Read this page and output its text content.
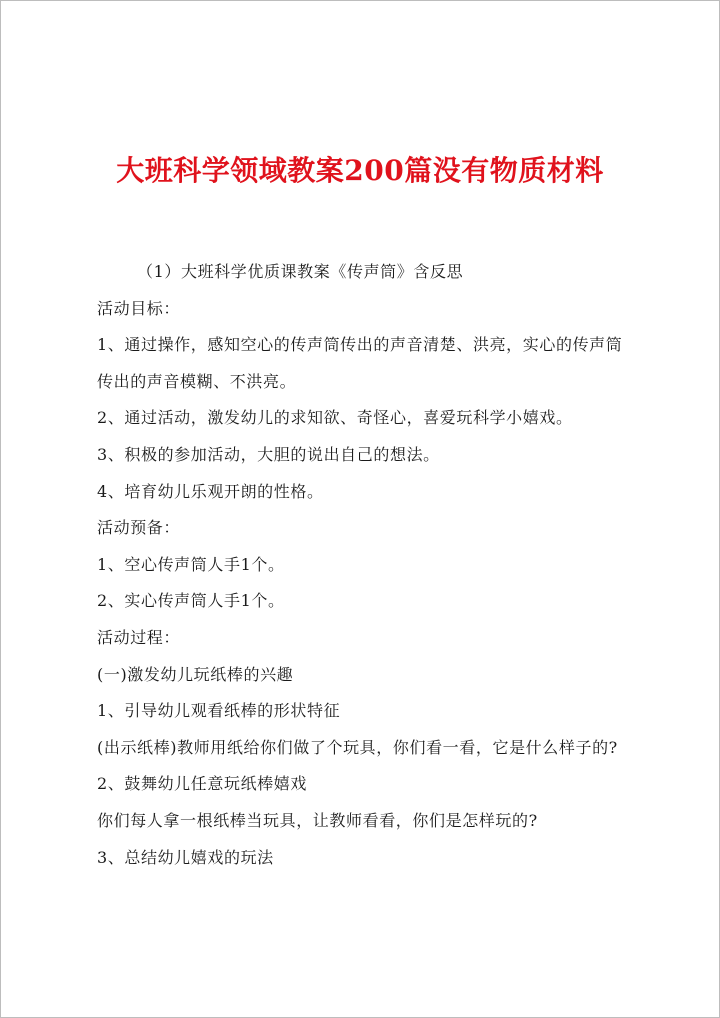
大班科学领域教案200篇没有物质材料
（1）大班科学优质课教案《传声筒》含反思
活动目标：
1、通过操作，感知空心的传声筒传出的声音清楚、洪亮，实心的传声筒
传出的声音模糊、不洪亮。
2、通过活动，激发幼儿的求知欲、奇怪心，喜爱玩科学小嬉戏。
3、积极的参加活动，大胆的说出自己的想法。
4、培育幼儿乐观开朗的性格。
活动预备：
1、空心传声筒人手1个。
2、实心传声筒人手1个。
活动过程：
(一)激发幼儿玩纸棒的兴趣
1、引导幼儿观看纸棒的形状特征
(出示纸棒)教师用纸给你们做了个玩具，你们看一看，它是什么样子的?
2、鼓舞幼儿任意玩纸棒嬉戏
你们每人拿一根纸棒当玩具，让教师看看，你们是怎样玩的?
3、总结幼儿嬉戏的玩法
